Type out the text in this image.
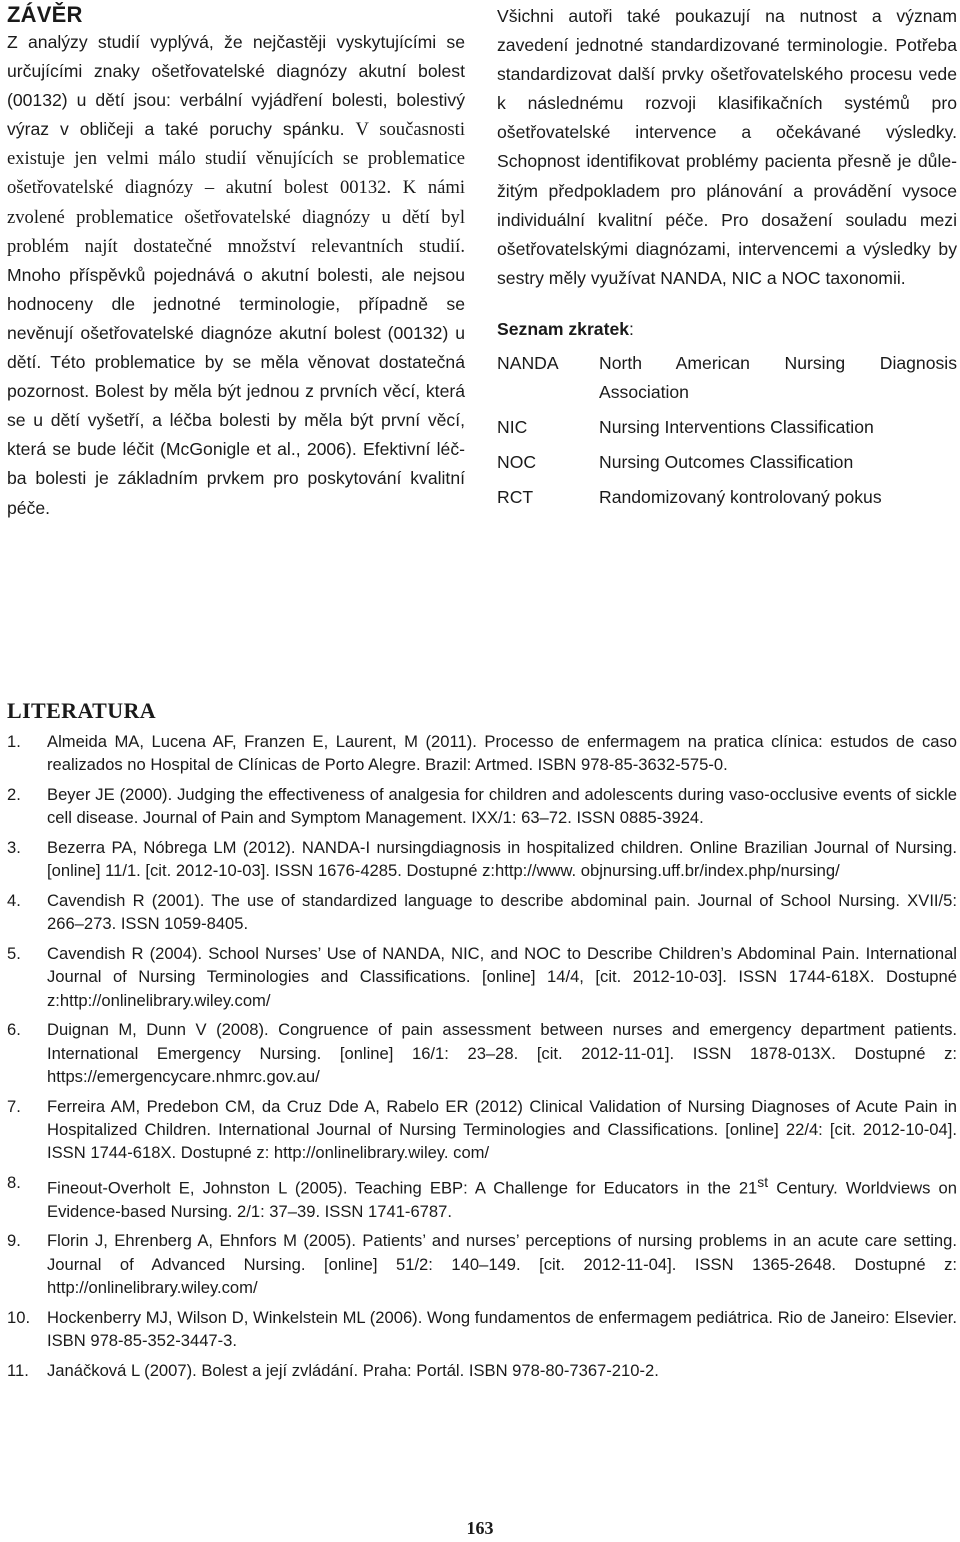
ZÁVĚR

Z analýzy studií vyplývá, že nejčastěji vyskytujícími se určujícími znaky ošetřovatelské diagnózy akutní bolest (00132) u dětí jsou: verbální vyjádření bolesti, bolestivý výraz v obličeji a také poruchy spánku. V současnosti existuje jen velmi málo studií věnujících se problematice ošetřovatelské diagnózy – akutní bolest 00132. K námi zvolené problematice ošetřovatelské diagnózy u dětí byl problém najít dostatečné množství relevantních studií. Mnoho příspěvků pojednává o akutní bolesti, ale nejsou hodnoceny dle jednotné terminologie, případně se nevěnují ošetřovatelské diagnóze akutní bolest (00132) u dětí. Této problematice by se měla věnovat dostatečná pozornost. Bolest by měla být jednou z prvních věcí, která se u dětí vyšetří, a léčba bolesti by měla být první věcí, která se bude léčit (McGonigle et al., 2006). Efektivní léčba bolesti je základním prvkem pro poskytování kvalitní péče.

Všichni autoři také poukazují na nutnost a význam zavedení jednotné standardizované terminologie. Potřeba standardizovat další prvky ošetřovatelského procesu vede k následnému rozvoji klasifikačních systémů pro ošetřovatelské intervence a očekávané výsledky. Schopnost identifikovat problémy pacienta přesně je důležitým předpokladem pro plánování a provádění vysoce individuální kvalitní péče. Pro dosažení souladu mezi ošetřovatelskými diagnózami, intervencemi a výsledky by sestry měly využívat NANDA, NIC a NOC taxonomii.

Seznam zkratek:
NANDA	North American Nursing Diagnosis Association
NIC	Nursing Interventions Classification
NOC	Nursing Outcomes Classification
RCT	Randomizovaný kontrolovaný pokus
LITERATURA
1.	Almeida MA, Lucena AF, Franzen E, Laurent, M (2011). Processo de enfermagem na pratica clínica: estudos de caso realizados no Hospital de Clínicas de Porto Alegre. Brazil: Artmed. ISBN 978-85-3632-575-0.
2.	Beyer JE (2000). Judging the effectiveness of analgesia for children and adolescents during vaso-occlusive events of sickle cell disease. Journal of Pain and Symptom Management. IXX/1: 63–72. ISSN 0885-3924.
3.	Bezerra PA, Nóbrega LM (2012). NANDA-I nursingdiagnosis in hospitalized children. Online Brazilian Journal of Nursing. [online] 11/1. [cit. 2012-10-03]. ISSN 1676-4285. Dostupné z:http://www. objnursing.uff.br/index.php/nursing/
4.	Cavendish R (2001). The use of standardized language to describe abdominal pain. Journal of School Nursing. XVII/5: 266–273. ISSN 1059-8405.
5.	Cavendish R (2004). School Nurses’ Use of NANDA, NIC, and NOC to Describe Children’s Abdominal Pain. International Journal of Nursing Terminologies and Classifications. [online] 14/4, [cit. 2012-10-03]. ISSN 1744-618X. Dostupné z:http://onlinelibrary.wiley.com/
6.	Duignan M, Dunn V (2008). Congruence of pain assessment between nurses and emergency department patients. International Emergency Nursing. [online] 16/1: 23–28. [cit. 2012-11-01]. ISSN 1878-013X. Dostupné z: https://emergencycare.nhmrc.gov.au/
7.	Ferreira AM, Predebon CM, da Cruz Dde A, Rabelo ER (2012) Clinical Validation of Nursing Diagnoses of Acute Pain in Hospitalized Children. International Journal of Nursing Terminologies and Classifications. [online] 22/4: [cit. 2012-10-04]. ISSN 1744-618X. Dostupné z: http://onlinelibrary.wiley. com/
8.	Fineout-Overholt E, Johnston L (2005). Teaching EBP: A Challenge for Educators in the 21st Century. Worldviews on Evidence-based Nursing. 2/1: 37–39. ISSN 1741-6787.
9.	Florin J, Ehrenberg A, Ehnfors M (2005). Patients’ and nurses’ perceptions of nursing problems in an acute care setting. Journal of Advanced Nursing. [online] 51/2: 140–149. [cit. 2012-11-04]. ISSN 1365-2648. Dostupné z: http://onlinelibrary.wiley.com/
10.	Hockenberry MJ, Wilson D, Winkelstein ML (2006). Wong fundamentos de enfermagem pediátrica. Rio de Janeiro: Elsevier. ISBN 978-85-352-3447-3.
11.	Janáčková L (2007). Bolest a její zvládání. Praha: Portál. ISBN 978-80-7367-210-2.
163
